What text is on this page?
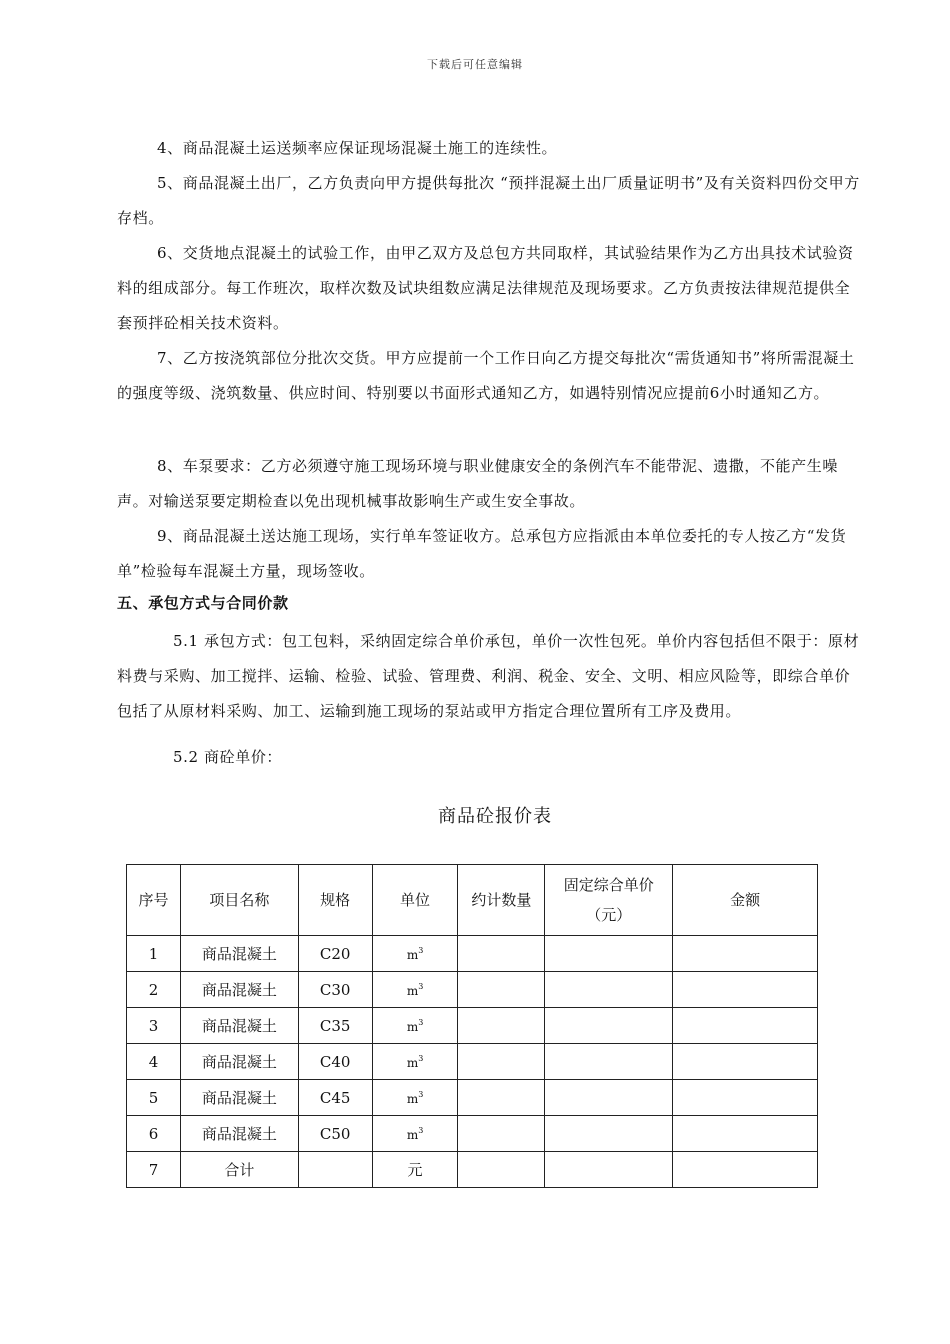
下载后可任意编辑

4、商品混凝土运送频率应保证现场混凝土施工的连续性。

5、商品混凝土出厂，乙方负责向甲方提供每批次 “预拌混凝土出厂质量证明书”及有关资料四份交甲方存档。

6、交货地点混凝土的试验工作，由甲乙双方及总包方共同取样，其试验结果作为乙方出具技术试验资料的组成部分。每工作班次，取样次数及试块组数应满足法律规范及现场要求。乙方负责按法律规范提供全套预拌砼相关技术资料。

7、乙方按浇筑部位分批次交货。甲方应提前一个工作日向乙方提交每批次“需货通知书”将所需混凝土的强度等级、浇筑数量、供应时间、特别要以书面形式通知乙方，如遇特别情况应提前6小时通知乙方。

8、车泵要求：乙方必须遵守施工现场环境与职业健康安全的条例汽车不能带泥、遗撒，不能产生噪声。对输送泵要定期检查以免出现机械事故影响生产或生安全事故。

9、商品混凝土送达施工现场，实行单车签证收方。总承包方应指派由本单位委托的专人按乙方“发货单”检验每车混凝土方量，现场签收。

五、承包方式与合同价款

5.1 承包方式：包工包料，采纳固定综合单价承包，单价一次性包死。单价内容包括但不限于：原材料费与采购、加工搅拌、运输、检验、试验、管理费、利润、税金、安全、文明、相应风险等，即综合单价包括了从原材料采购、加工、运输到施工现场的泵站或甲方指定合理位置所有工序及费用。

5.2 商砼单价：

商品砼报价表
序号	项目名称	规格	单位	约计数量	固定综合单价
（元）	金额
1	商品混凝土	C20	$m^3$			
2	商品混凝土	C30	$m^3$			
3	商品混凝土	C35	$m^3$			
4	商品混凝土	C40	$m^3$			
5	商品混凝土	C45	$m^3$			
6	商品混凝土	C50	$m^3$			
7	合计		元			
